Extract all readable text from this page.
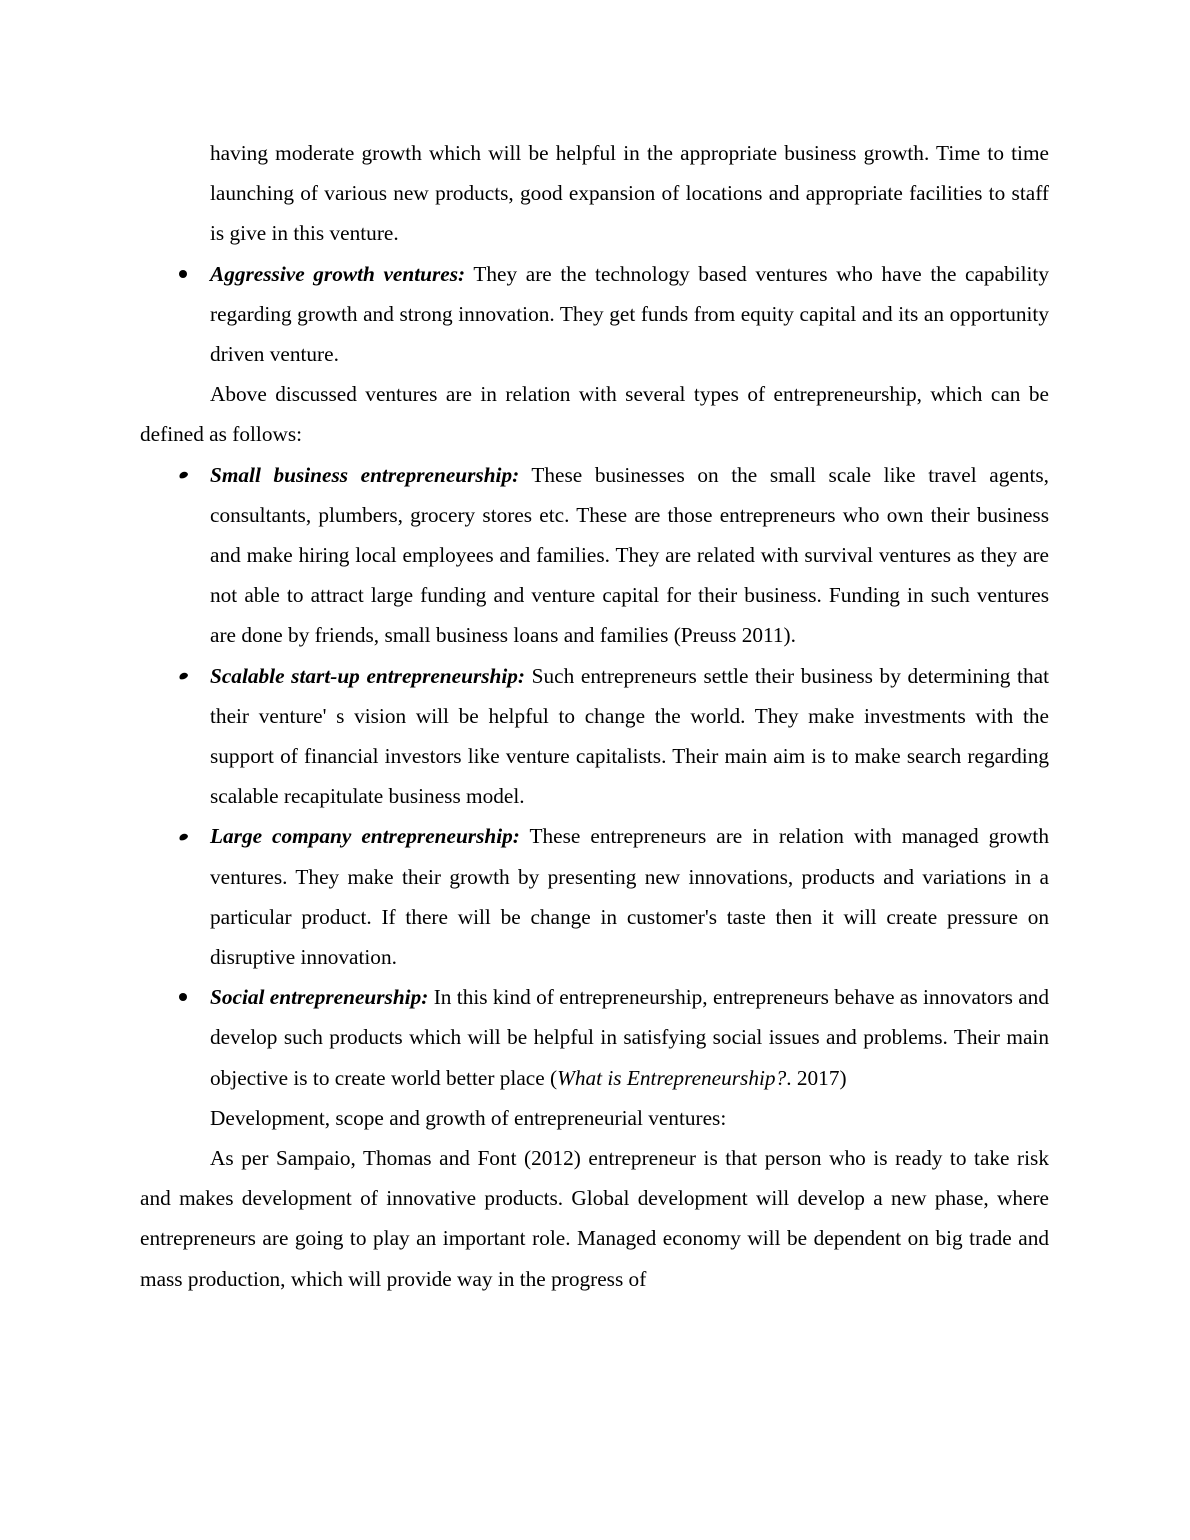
having moderate growth which will be helpful in the appropriate business growth. Time to time launching of various new products, good expansion of locations and appropriate facilities to staff is give in this venture.

Aggressive growth ventures: They are the technology based ventures who have the capability regarding growth and strong innovation. They get funds from equity capital and its an opportunity driven venture.

Above discussed ventures are in relation with several types of entrepreneurship, which can be defined as follows:

Small business entrepreneurship: These businesses on the small scale like travel agents, consultants, plumbers, grocery stores etc. These are those entrepreneurs who own their business and make hiring local employees and families. They are related with survival ventures as they are not able to attract large funding and venture capital for their business. Funding in such ventures are done by friends, small business loans and families (Preuss 2011).

Scalable start-up entrepreneurship: Such entrepreneurs settle their business by determining that their venture' s vision will be helpful to change the world. They make investments with the support of financial investors like venture capitalists. Their main aim is to make search regarding scalable recapitulate business model.

Large company entrepreneurship: These entrepreneurs are in relation with managed growth ventures. They make their growth by presenting new innovations, products and variations in a particular product. If there will be change in customer's taste then it will create pressure on disruptive innovation.

Social entrepreneurship: In this kind of entrepreneurship, entrepreneurs behave as innovators and develop such products which will be helpful in satisfying social issues and problems. Their main objective is to create world better place (What is Entrepreneurship?. 2017)

Development, scope and growth of entrepreneurial ventures:

As per Sampaio, Thomas and Font (2012) entrepreneur is that person who is ready to take risk and makes development of innovative products. Global development will develop a new phase, where entrepreneurs are going to play an important role. Managed economy will be dependent on big trade and mass production, which will provide way in the progress of
